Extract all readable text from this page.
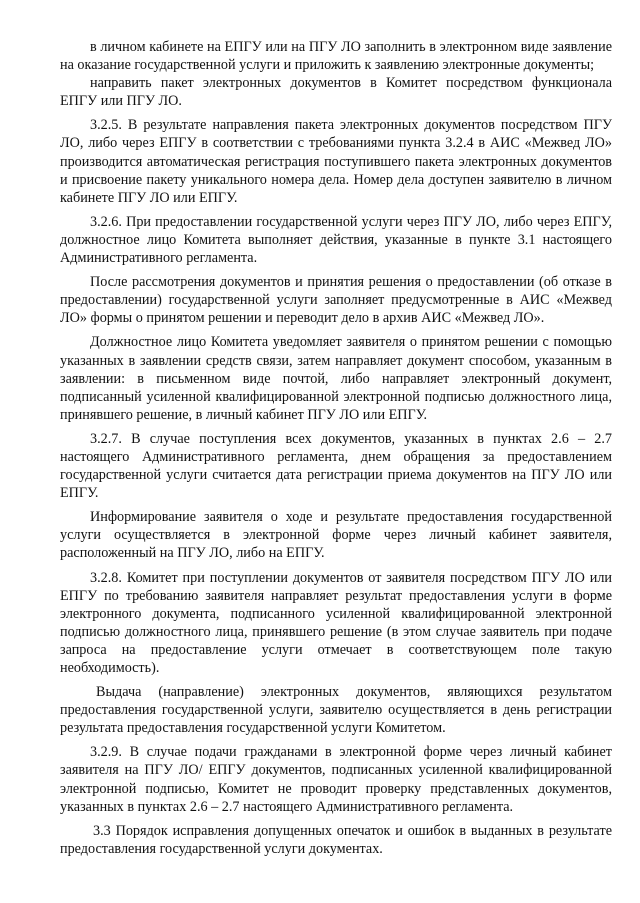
в личном кабинете на ЕПГУ или на ПГУ ЛО заполнить в электронном виде заявление на оказание государственной услуги и приложить к заявлению электронные документы;

направить пакет электронных документов в Комитет посредством функционала ЕПГУ или ПГУ ЛО.

3.2.5. В результате направления пакета электронных документов посредством ПГУ ЛО, либо через ЕПГУ в соответствии с требованиями пункта 3.2.4 в АИС «Межвед ЛО» производится автоматическая регистрация поступившего пакета электронных документов и присвоение пакету уникального номера дела. Номер дела доступен заявителю в личном кабинете ПГУ ЛО или ЕПГУ.

3.2.6. При предоставлении государственной услуги через ПГУ ЛО, либо через ЕПГУ, должностное лицо Комитета выполняет действия, указанные в пункте 3.1 настоящего Административного регламента.

После рассмотрения документов и принятия решения о предоставлении (об отказе в предоставлении) государственной услуги заполняет предусмотренные в АИС «Межвед ЛО» формы о принятом решении и переводит дело в архив АИС «Межвед ЛО».

Должностное лицо Комитета уведомляет заявителя о принятом решении с помощью указанных в заявлении средств связи, затем направляет документ способом, указанным в заявлении: в письменном виде почтой, либо направляет электронный документ, подписанный усиленной квалифицированной электронной подписью должностного лица, принявшего решение, в личный кабинет ПГУ ЛО или ЕПГУ.

3.2.7. В случае поступления всех документов, указанных в пунктах 2.6 – 2.7 настоящего Административного регламента, днем обращения за предоставлением государственной услуги считается дата регистрации приема документов на ПГУ ЛО или ЕПГУ.

Информирование заявителя о ходе и результате предоставления государственной услуги осуществляется в электронной форме через личный кабинет заявителя, расположенный на ПГУ ЛО, либо на ЕПГУ.

3.2.8. Комитет при поступлении документов от заявителя посредством ПГУ ЛО или ЕПГУ по требованию заявителя направляет результат предоставления услуги в форме электронного документа, подписанного усиленной квалифицированной электронной подписью должностного лица, принявшего решение (в этом случае заявитель при подаче запроса на предоставление услуги отмечает в соответствующем поле такую необходимость).

Выдача (направление) электронных документов, являющихся результатом предоставления государственной услуги, заявителю осуществляется в день регистрации результата предоставления государственной услуги Комитетом.

3.2.9. В случае подачи гражданами в электронной форме через личный кабинет заявителя на ПГУ ЛО/ ЕПГУ документов, подписанных усиленной квалифицированной электронной подписью, Комитет не проводит проверку представленных документов, указанных в пунктах 2.6 – 2.7 настоящего Административного регламента.

3.3 Порядок исправления допущенных опечаток и ошибок в выданных в результате предоставления государственной услуги документах.
